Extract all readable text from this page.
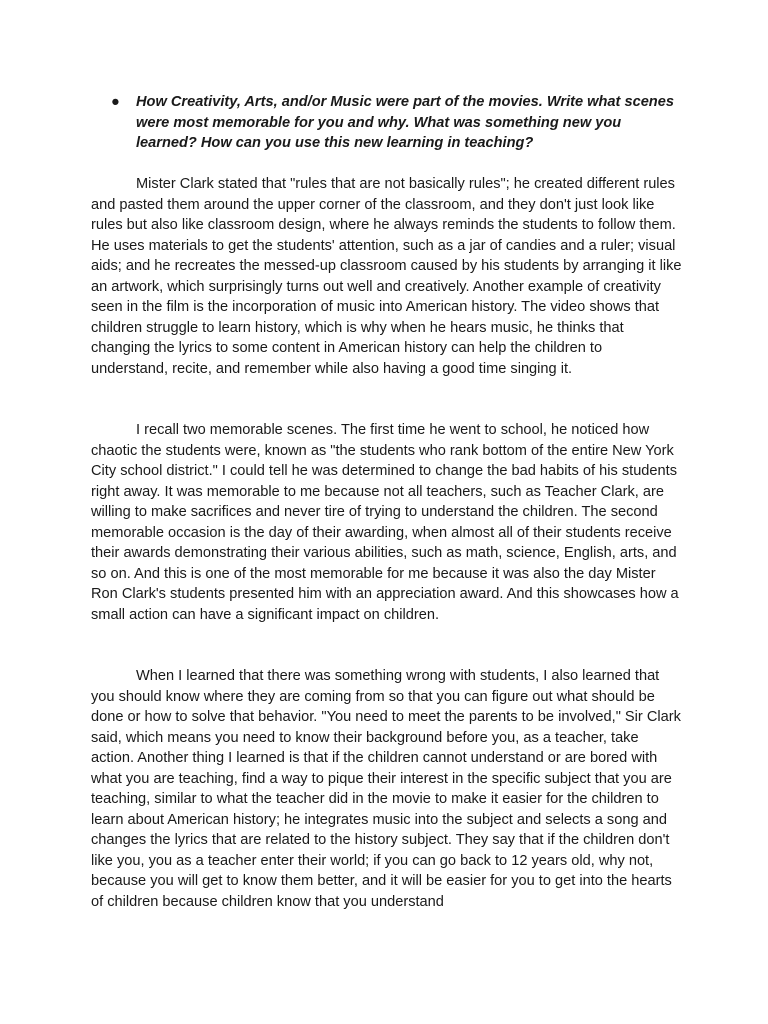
● How Creativity, Arts, and/or Music were part of the movies. Write what scenes were most memorable for you and why. What was something new you learned? How can you use this new learning in teaching?

Mister Clark stated that "rules that are not basically rules"; he created different rules and pasted them around the upper corner of the classroom, and they don't just look like rules but also like classroom design, where he always reminds the students to follow them. He uses materials to get the students' attention, such as a jar of candies and a ruler; visual aids; and he recreates the messed-up classroom caused by his students by arranging it like an artwork, which surprisingly turns out well and creatively. Another example of creativity seen in the film is the incorporation of music into American history. The video shows that children struggle to learn history, which is why when he hears music, he thinks that changing the lyrics to some content in American history can help the children to understand, recite, and remember while also having a good time singing it.

I recall two memorable scenes. The first time he went to school, he noticed how chaotic the students were, known as "the students who rank bottom of the entire New York City school district." I could tell he was determined to change the bad habits of his students right away. It was memorable to me because not all teachers, such as Teacher Clark, are willing to make sacrifices and never tire of trying to understand the children. The second memorable occasion is the day of their awarding, when almost all of their students receive their awards demonstrating their various abilities, such as math, science, English, arts, and so on. And this is one of the most memorable for me because it was also the day Mister Ron Clark's students presented him with an appreciation award. And this showcases how a small action can have a significant impact on children.

When I learned that there was something wrong with students, I also learned that you should know where they are coming from so that you can figure out what should be done or how to solve that behavior. "You need to meet the parents to be involved," Sir Clark said, which means you need to know their background before you, as a teacher, take action. Another thing I learned is that if the children cannot understand or are bored with what you are teaching, find a way to pique their interest in the specific subject that you are teaching, similar to what the teacher did in the movie to make it easier for the children to learn about American history; he integrates music into the subject and selects a song and changes the lyrics that are related to the history subject. They say that if the children don't like you, you as a teacher enter their world; if you can go back to 12 years old, why not, because you will get to know them better, and it will be easier for you to get into the hearts of children because children know that you understand
